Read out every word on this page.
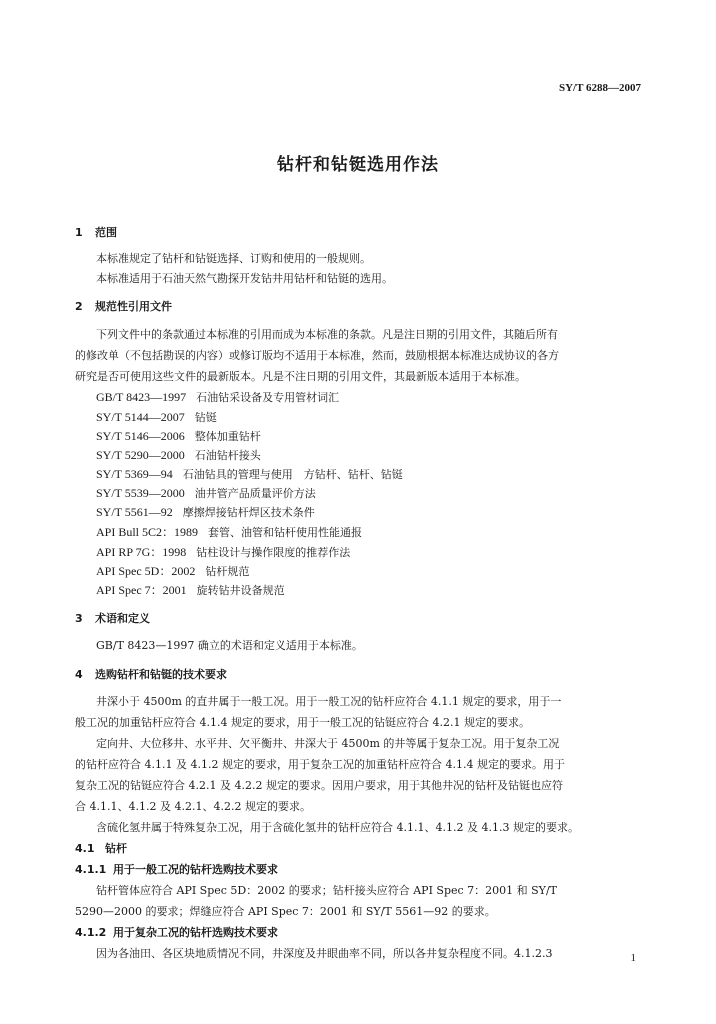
SY/T 6288—2007
钻杆和钻铤选用作法
1 范围
本标准规定了钻杆和钻铤选择、订购和使用的一般规则。
本标准适用于石油天然气勘探开发钻井用钻杆和钻铤的选用。
2 规范性引用文件
下列文件中的条款通过本标准的引用而成为本标准的条款。凡是注日期的引用文件，其随后所有
的修改单（不包括勘误的内容）或修订版均不适用于本标准，然而，鼓励根据本标准达成协议的各方
研究是否可使用这些文件的最新版本。凡是不注日期的引用文件，其最新版本适用于本标准。
GB/T 8423—1997 石油钻采设备及专用管材词汇
SY/T 5144—2007 钻铤
SY/T 5146—2006 整体加重钻杆
SY/T 5290—2000 石油钻杆接头
SY/T 5369—94 石油钻具的管理与使用　方钻杆、钻杆、钻铤
SY/T 5539—2000 油井管产品质量评价方法
SY/T 5561—92 摩擦焊接钻杆焊区技术条件
API Bull 5C2：1989 套管、油管和钻杆使用性能通报
API RP 7G：1998 钻柱设计与操作限度的推荐作法
API Spec 5D：2002 钻杆规范
API Spec 7：2001 旋转钻井设备规范
3 术语和定义
GB/T 8423—1997 确立的术语和定义适用于本标准。
4 选购钻杆和钻铤的技术要求
井深小于 4500m 的直井属于一般工况。用于一般工况的钻杆应符合 4.1.1 规定的要求，用于一
般工况的加重钻杆应符合 4.1.4 规定的要求，用于一般工况的钻铤应符合 4.2.1 规定的要求。
定向井、大位移井、水平井、欠平衡井、井深大于 4500m 的井等属于复杂工况。用于复杂工况
的钻杆应符合 4.1.1 及 4.1.2 规定的要求，用于复杂工况的加重钻杆应符合 4.1.4 规定的要求。用于
复杂工况的钻铤应符合 4.2.1 及 4.2.2 规定的要求。因用户要求，用于其他井况的钻杆及钻铤也应符
合 4.1.1、4.1.2 及 4.2.1、4.2.2 规定的要求。
含硫化氢井属于特殊复杂工况，用于含硫化氢井的钻杆应符合 4.1.1、4.1.2 及 4.1.3 规定的要求。
4.1 钻杆
4.1.1 用于一般工况的钻杆选购技术要求
钻杆管体应符合 API Spec 5D：2002 的要求；钻杆接头应符合 API Spec 7：2001 和 SY/T
5290—2000 的要求；焊缝应符合 API Spec 7：2001 和 SY/T 5561—92 的要求。
4.1.2 用于复杂工况的钻杆选购技术要求
因为各油田、各区块地质情况不同，井深度及井眼曲率不同，所以各井复杂程度不同。4.1.2.3	1
